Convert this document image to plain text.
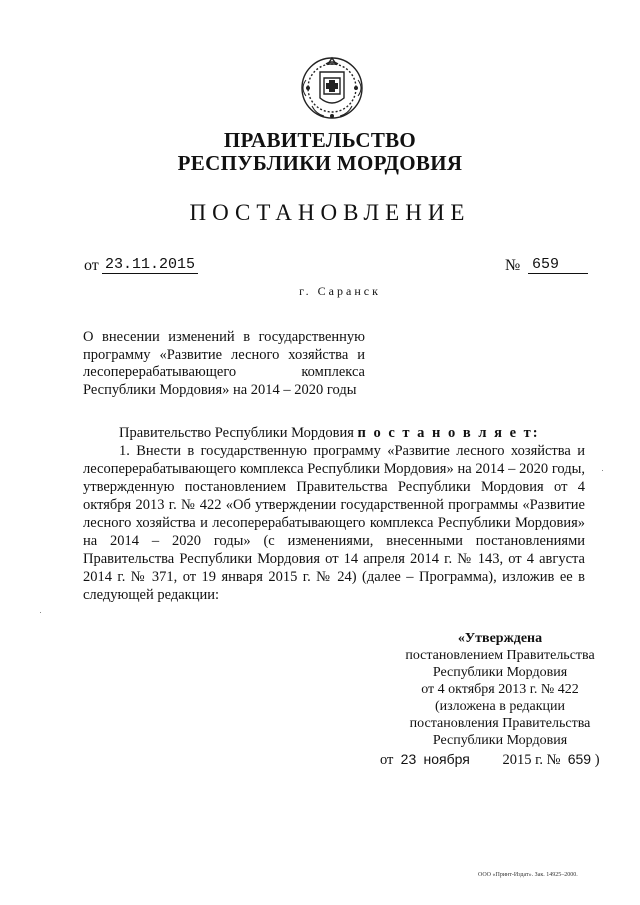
ПРАВИТЕЛЬСТВО
РЕСПУБЛИКИ МОРДОВИЯ
ПОСТАНОВЛЕНИЕ
от 23.11.2015	№ 659
г. Саранск
О внесении изменений в государственную
программу «Развитие лесного хозяйства и
лесоперерабатывающего комплекса
Республики Мордовия» на 2014 – 2020 годы

Правительство Республики Мордовия п о с т а н о в л я е т:

1. Внести в государственную программу «Развитие лесного хозяйства и лесоперерабатывающего комплекса Республики Мордовия» на 2014 – 2020 годы, утвержденную постановлением Правительства Республики Мордовия от 4 октября 2013 г. № 422 «Об утверждении государственной программы «Развитие лесного хозяйства и лесоперерабатывающего комплекса Республики Мордовия» на 2014 – 2020 годы» (с изменениями, внесенными постановлениями Правительства Республики Мордовия от 14 апреля 2014 г. № 143, от 4 августа 2014 г. № 371, от 19 января 2015 г. № 24) (далее – Программа), изложив ее в следующей редакции:

«Утверждена
постановлением Правительства
Республики Мордовия
от 4 октября 2013 г. № 422
(изложена в редакции
постановления Правительства
Республики Мордовия
от 23 ноября 2015 г. № 659 )
ООО «Принт-Издат». Зак. 14925–2000.
